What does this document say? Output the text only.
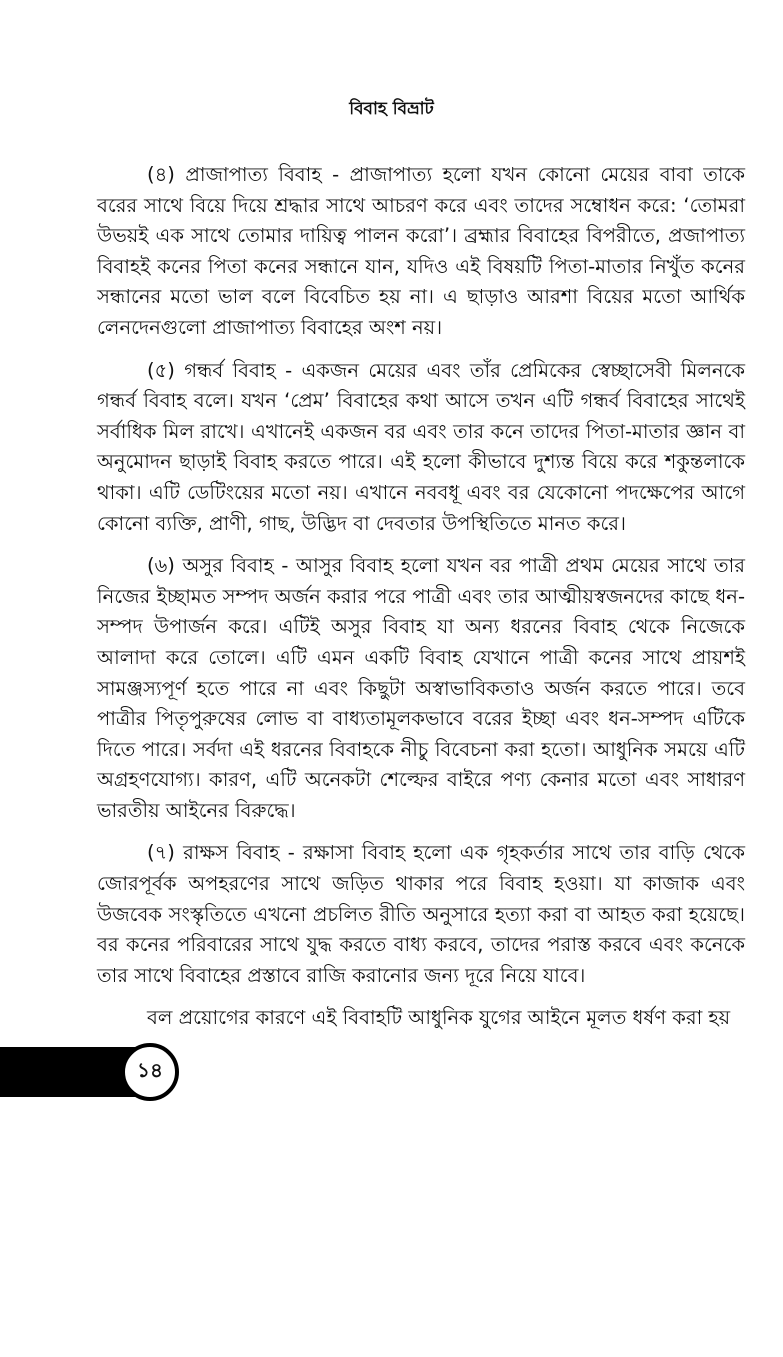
বিবাহ বিভ্রাট

(৪) প্রাজাপাত্য বিবাহ - প্রাজাপাত্য হলো যখন কোনো মেয়ের বাবা তাকে বরের সাথে বিয়ে দিয়ে শ্রদ্ধার সাথে আচরণ করে এবং তাদের সম্বোধন করে: ‘তোমরা উভয়ই এক সাথে তোমার দায়িত্ব পালন করো’। ব্রহ্মার বিবাহের বিপরীতে, প্রজাপাত্য বিবাহই কনের পিতা কনের সন্ধানে যান, যদিও এই বিষয়টি পিতা-মাতার নিখুঁত কনের সন্ধানের মতো ভাল বলে বিবেচিত হয় না। এ ছাড়াও আরশা বিয়ের মতো আর্থিক লেনদেনগুলো প্রাজাপাত্য বিবাহের অংশ নয়।

(৫) গন্ধর্ব বিবাহ - একজন মেয়ের এবং তাঁর প্রেমিকের স্বেচ্ছাসেবী মিলনকে গন্ধর্ব বিবাহ বলে। যখন ‘প্রেম’ বিবাহের কথা আসে তখন এটি গন্ধর্ব বিবাহের সাথেই সর্বাধিক মিল রাখে। এখানেই একজন বর এবং তার কনে তাদের পিতা-মাতার জ্ঞান বা অনুমোদন ছাড়াই বিবাহ করতে পারে। এই হলো কীভাবে দুশ্যন্ত বিয়ে করে শকুন্তলাকে থাকা। এটি ডেটিংয়ের মতো নয়। এখানে নববধূ এবং বর যেকোনো পদক্ষেপের আগে কোনো ব্যক্তি, প্রাণী, গাছ, উদ্ভিদ বা দেবতার উপস্থিতিতে মানত করে।

(৬) অসুর বিবাহ - আসুর বিবাহ হলো যখন বর পাত্রী প্রথম মেয়ের সাথে তার নিজের ইচ্ছামত সম্পদ অর্জন করার পরে পাত্রী এবং তার আত্মীয়স্বজনদের কাছে ধন-সম্পদ উপার্জন করে। এটিই অসুর বিবাহ যা অন্য ধরনের বিবাহ থেকে নিজেকে আলাদা করে তোলে। এটি এমন একটি বিবাহ যেখানে পাত্রী কনের সাথে প্রায়শই সামঞ্জস্যপূর্ণ হতে পারে না এবং কিছুটা অস্বাভাবিকতাও অর্জন করতে পারে। তবে পাত্রীর পিতৃপুরুষের লোভ বা বাধ্যতামূলকভাবে বরের ইচ্ছা এবং ধন-সম্পদ এটিকে দিতে পারে। সর্বদা এই ধরনের বিবাহকে নীচু বিবেচনা করা হতো। আধুনিক সময়ে এটি অগ্রহণযোগ্য। কারণ, এটি অনেকটা শেল্ফের বাইরে পণ্য কেনার মতো এবং সাধারণ ভারতীয় আইনের বিরুদ্ধে।

(৭) রাক্ষস বিবাহ - রক্ষাসা বিবাহ হলো এক গৃহকর্তার সাথে তার বাড়ি থেকে জোরপূর্বক অপহরণের সাথে জড়িত থাকার পরে বিবাহ হওয়া। যা কাজাক এবং উজবেক সংস্কৃতিতে এখনো প্রচলিত রীতি অনুসারে হত্যা করা বা আহত করা হয়েছে। বর কনের পরিবারের সাথে যুদ্ধ করতে বাধ্য করবে, তাদের পরাস্ত করবে এবং কনেকে তার সাথে বিবাহের প্রস্তাবে রাজি করানোর জন্য দূরে নিয়ে যাবে।

বল প্রয়োগের কারণে এই বিবাহটি আধুনিক যুগের আইনে মূলত ধর্ষণ করা হয়

১৪
